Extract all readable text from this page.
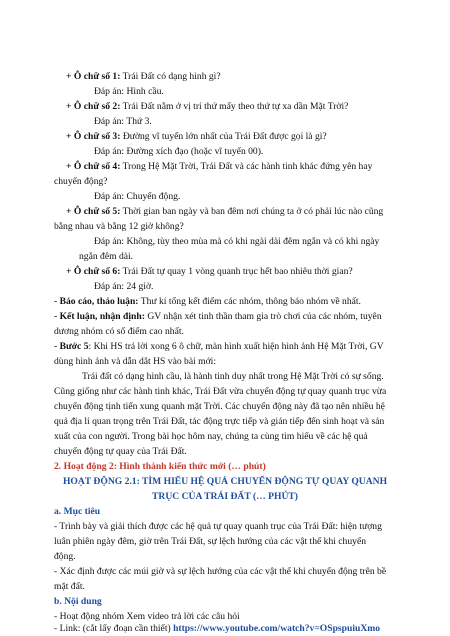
+ Ô chữ số 1: Trái Đất có dạng hình gì?
Đáp án: Hình cầu.
+ Ô chữ số 2: Trái Đất nằm ở vị trí thứ mấy theo thứ tự xa dần Mặt Trời?
Đáp án: Thứ 3.
+ Ô chữ số 3: Đường vĩ tuyến lớn nhất của Trái Đất được gọi là gì?
Đáp án: Đường xích đạo (hoặc vĩ tuyến 00).
+ Ô chữ số 4: Trong Hệ Mặt Trời, Trái Đất và các hành tinh khác đứng yên hay
chuyển động?
Đáp án: Chuyển động.
+ Ô chữ số 5: Thời gian ban ngày và ban đêm nơi chúng ta ở có phải lúc nào cũng
bằng nhau và bằng 12 giờ không?
Đáp án: Không, tùy theo mùa mà có khi ngài dài đêm ngắn và có khi ngày
ngắn đêm dài.
+ Ô chữ số 6: Trái Đất tự quay 1 vòng quanh trục hết bao nhiêu thời gian?
Đáp án: 24 giờ.
- Báo cáo, thảo luận: Thư kí tổng kết điểm các nhóm, thông báo nhóm về nhất.
- Kết luận, nhận định: GV nhận xét tinh thần tham gia trò chơi của các nhóm, tuyên
dương nhóm có số điểm cao nhất.
- Bước 5: Khi HS trả lời xong 6 ô chữ, màn hình xuất hiện hình ảnh Hệ Mặt Trời, GV
dùng hình ảnh và dẫn dắt HS vào bài mới:
Trái đất có dạng hình cầu, là hành tinh duy nhất trong Hệ Mặt Trời có sự sống.
Cũng giống như các hành tinh khác, Trái Đất vừa chuyển động tự quay quanh trục vừa
chuyển động tịnh tiến xung quanh mặt Trời. Các chuyển động này đã tạo nên nhiều hệ
quả địa lí quan trọng trên Trái Đất, tác động trực tiếp và gián tiếp đến sinh hoạt và sản
xuất của con người. Trong bài học hôm nay, chúng ta cùng tìm hiểu về các hệ quả
chuyển động tự quay của Trái Đất.
2. Hoạt động 2: Hình thành kiến thức mới (… phút)
HOẠT ĐỘNG 2.1: TÌM HIỂU HỆ QUẢ CHUYỂN ĐỘNG TỰ QUAY QUANH
TRỤC CỦA TRÁI ĐẤT (… PHÚT)
a. Mục tiêu
- Trình bày và giải thích được các hệ quả tự quay quanh trục của Trái Đất: hiện tượng
luân phiên ngày đêm, giờ trên Trái Đất, sự lệch hướng của các vật thể khi chuyển
động.
- Xác định được các múi giờ và sự lệch hướng của các vật thể khi chuyển động trên bề
mặt đất.
b. Nội dung
- Hoạt động nhóm Xem video trả lời các câu hỏi
- Link: (cắt lấy đoạn cần thiết) https://www.youtube.com/watch?v=OSpspuiuXmo
